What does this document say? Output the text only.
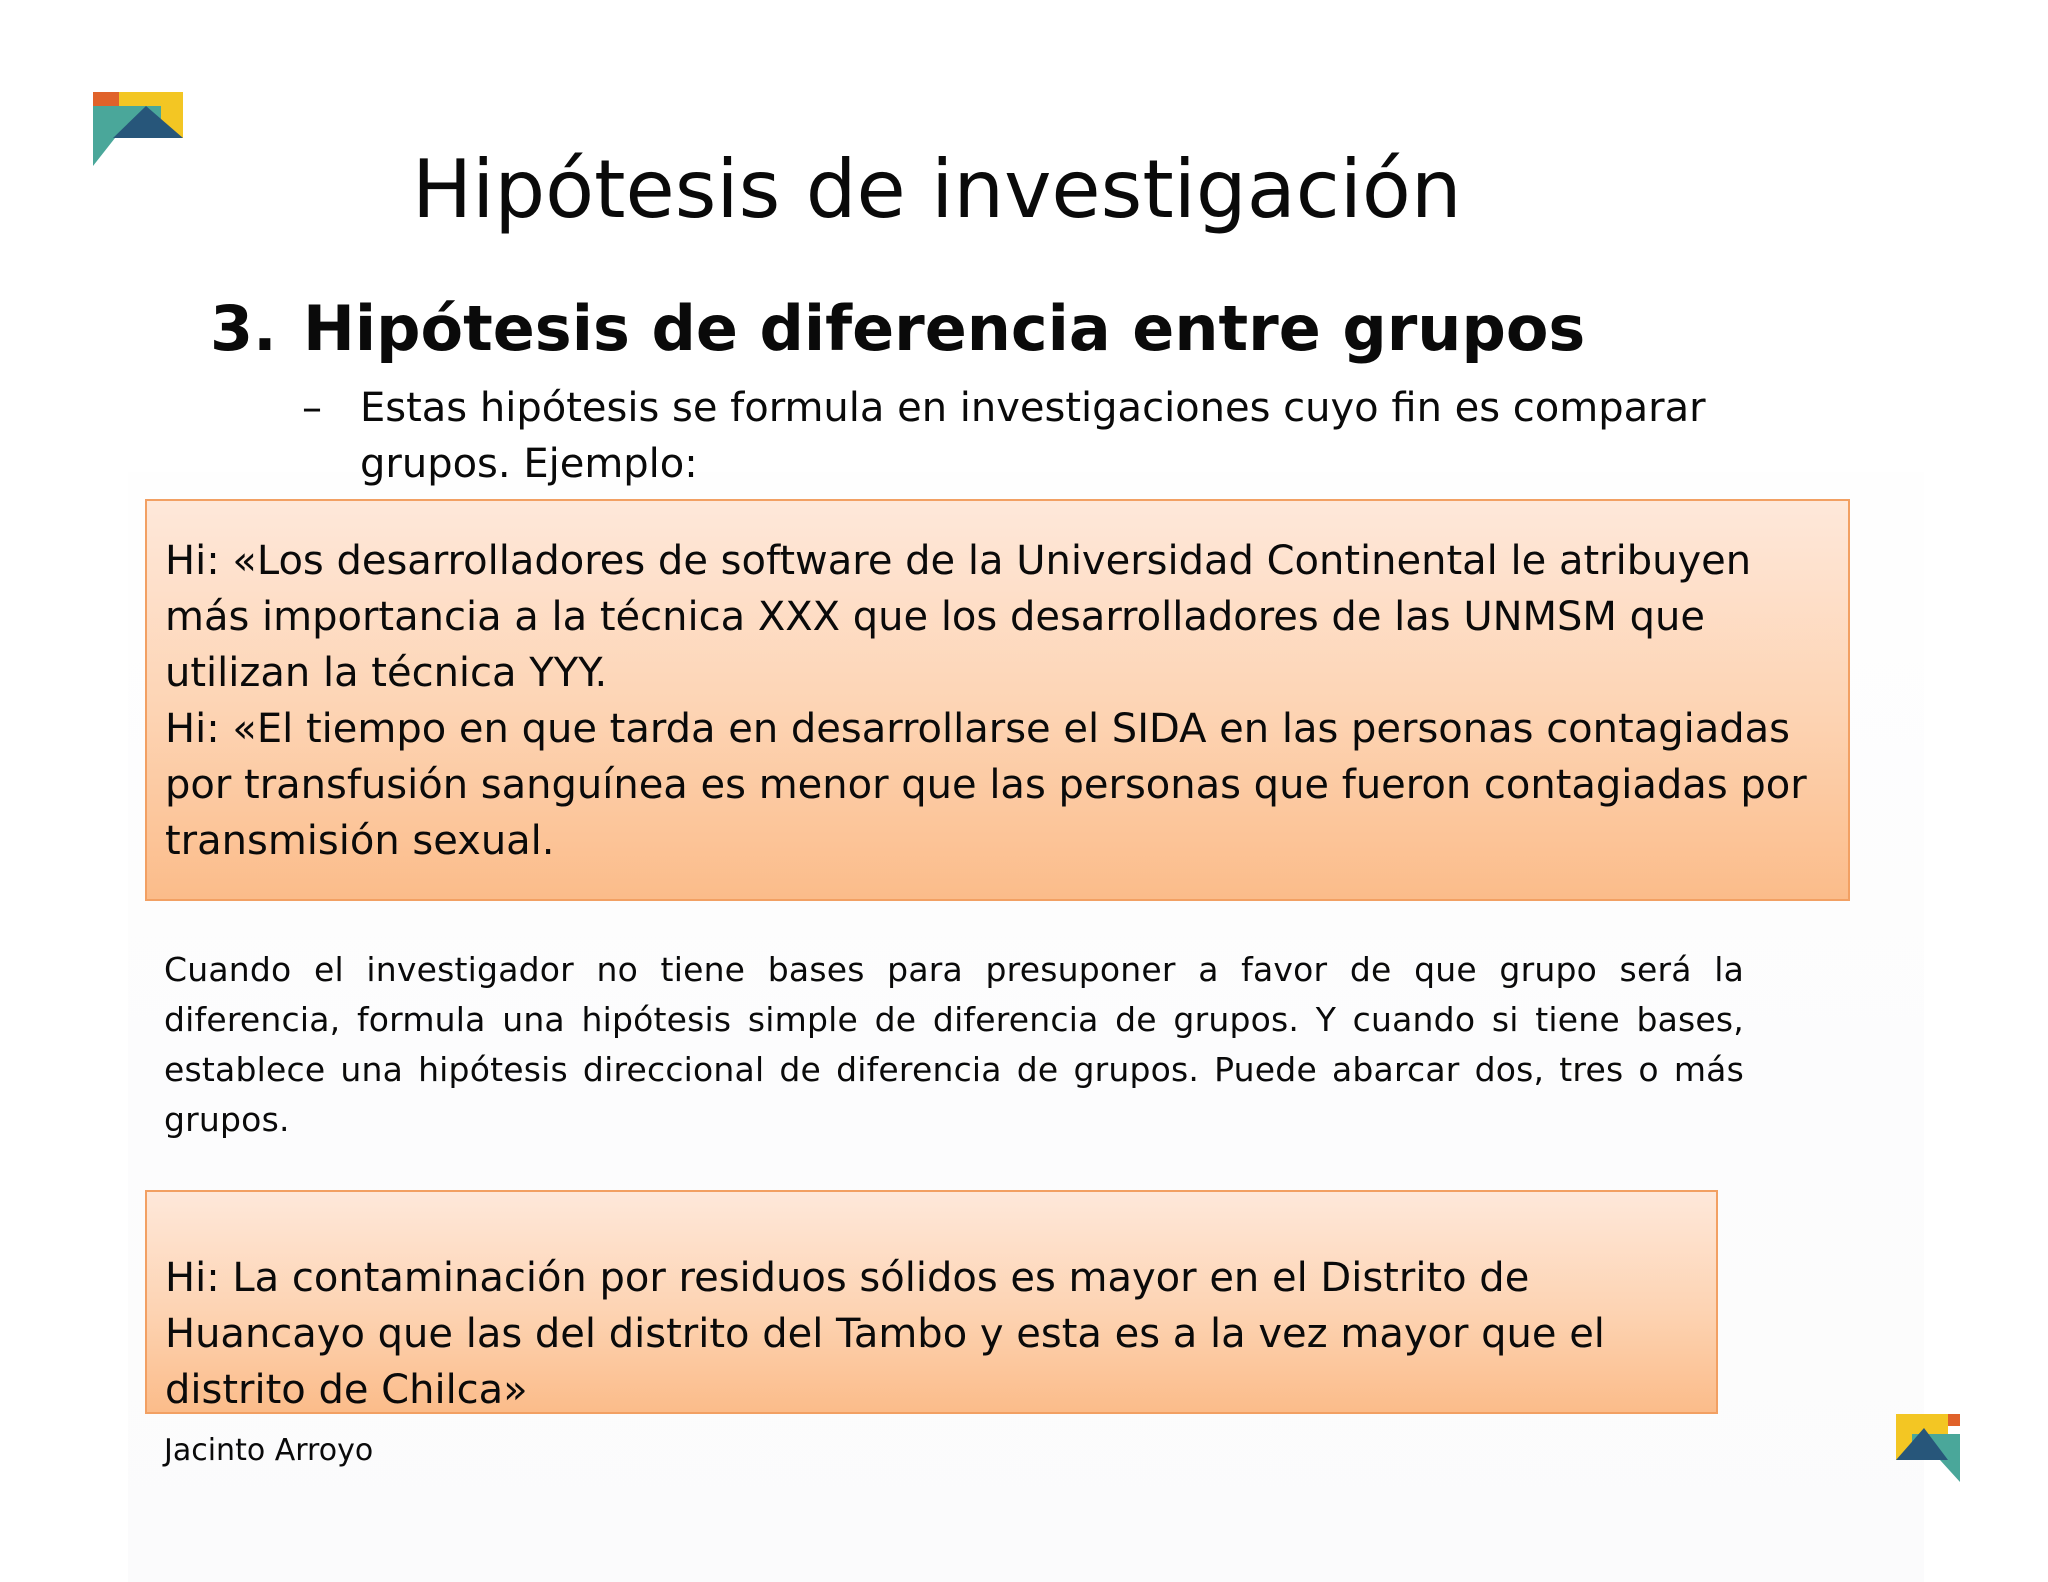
Hipótesis de investigación
3. Hipótesis de diferencia entre grupos
– Estas hipótesis se formula en investigaciones cuyo fin es comparar grupos. Ejemplo:

Hi: «Los desarrolladores de software de la Universidad Continental le atribuyen más importancia a la técnica XXX que los desarrolladores de las UNMSM que utilizan la técnica YYY.

Hi: «El tiempo en que tarda en desarrollarse el SIDA en las personas contagiadas por transfusión sanguínea es menor que las personas que fueron contagiadas por transmisión sexual.

Cuando el investigador no tiene bases para presuponer a favor de que grupo será la diferencia, formula una hipótesis simple de diferencia de grupos. Y cuando si tiene bases, establece una hipótesis direccional de diferencia de grupos. Puede abarcar dos, tres o más grupos.
Hi: La contaminación por residuos sólidos es mayor en el Distrito de Huancayo que las del distrito del Tambo y esta es a la vez mayor que el distrito de Chilca»
Jacinto Arroyo
